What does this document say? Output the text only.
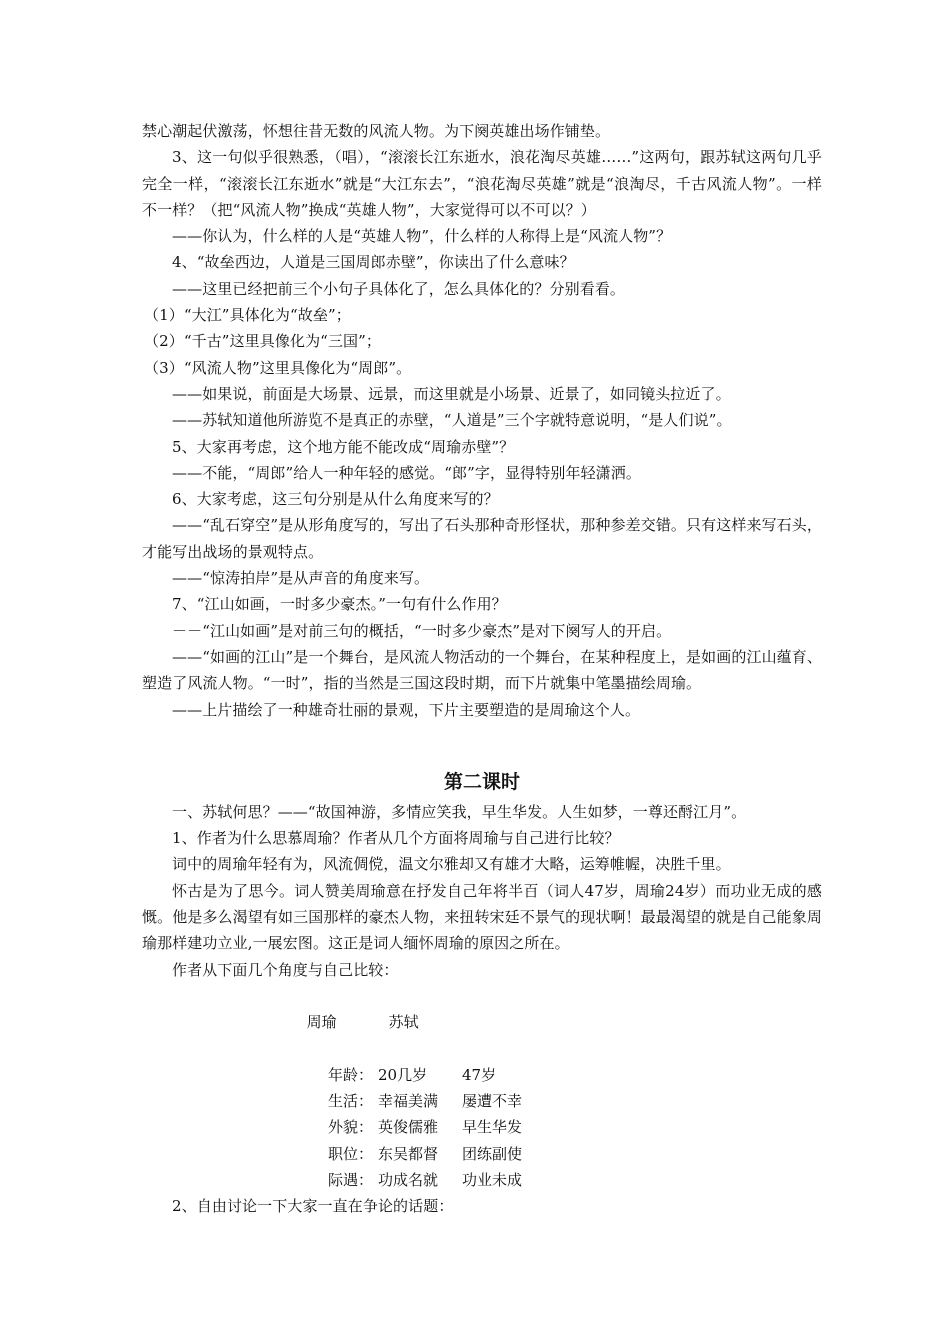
禁心潮起伏激荡，怀想往昔无数的风流人物。为下阕英雄出场作铺垫。

3、这一句似乎很熟悉，（唱），“滚滚长江东逝水，浪花淘尽英雄……”这两句，跟苏轼这两句几乎完全一样，“滚滚长江东逝水”就是“大江东去”，“浪花淘尽英雄”就是“浪淘尽，千古风流人物”。一样不一样？（把“风流人物”换成“英雄人物”，大家觉得可以不可以？）

——你认为，什么样的人是“英雄人物”，什么样的人称得上是“风流人物”？

4、“故垒西边，人道是三国周郎赤壁”，你读出了什么意味？

——这里已经把前三个小句子具体化了，怎么具体化的？分别看看。

（1）“大江”具体化为“故垒”；

（2）“千古”这里具像化为“三国”；

（3）“风流人物”这里具像化为“周郎”。

——如果说，前面是大场景、远景，而这里就是小场景、近景了，如同镜头拉近了。

——苏轼知道他所游览不是真正的赤壁，“人道是”三个字就特意说明，“是人们说”。

5、大家再考虑，这个地方能不能改成“周瑜赤壁”？

——不能，“周郎”给人一种年轻的感觉。“郎”字，显得特别年轻潇洒。

6、大家考虑，这三句分别是从什么角度来写的？

——“乱石穿空”是从形角度写的，写出了石头那种奇形怪状，那种参差交错。只有这样来写石头，才能写出战场的景观特点。

——“惊涛拍岸”是从声音的角度来写。

7、“江山如画，一时多少豪杰。”一句有什么作用？

－－“江山如画”是对前三句的概括，“一时多少豪杰”是对下阕写人的开启。

——“如画的江山”是一个舞台，是风流人物活动的一个舞台，在某种程度上，是如画的江山蕴育、塑造了风流人物。“一时”，指的当然是三国这段时期，而下片就集中笔墨描绘周瑜。

——上片描绘了一种雄奇壮丽的景观，下片主要塑造的是周瑜这个人。

第二课时

一、苏轼何思？——“故国神游，多情应笑我，早生华发。人生如梦，一尊还酹江月”。

1、作者为什么思慕周瑜？作者从几个方面将周瑜与自己进行比较？

词中的周瑜年轻有为，风流倜傥，温文尔雅却又有雄才大略，运筹帷幄，决胜千里。

怀古是为了思今。词人赞美周瑜意在抒发自己年将半百（词人47岁，周瑜24岁）而功业无成的感慨。他是多么渴望有如三国那样的豪杰人物，来扭转宋廷不景气的现状啊！最最渴望的就是自己能象周瑜那样建功立业,一展宏图。这正是词人缅怀周瑜的原因之所在。

作者从下面几个角度与自己比较：

周瑜	苏轼

年龄： 20几岁 47岁
生活： 幸福美满 屡遭不幸
外貌： 英俊儒雅 早生华发
职位： 东吴都督 团练副使
际遇： 功成名就 功业未成

2、自由讨论一下大家一直在争论的话题：
